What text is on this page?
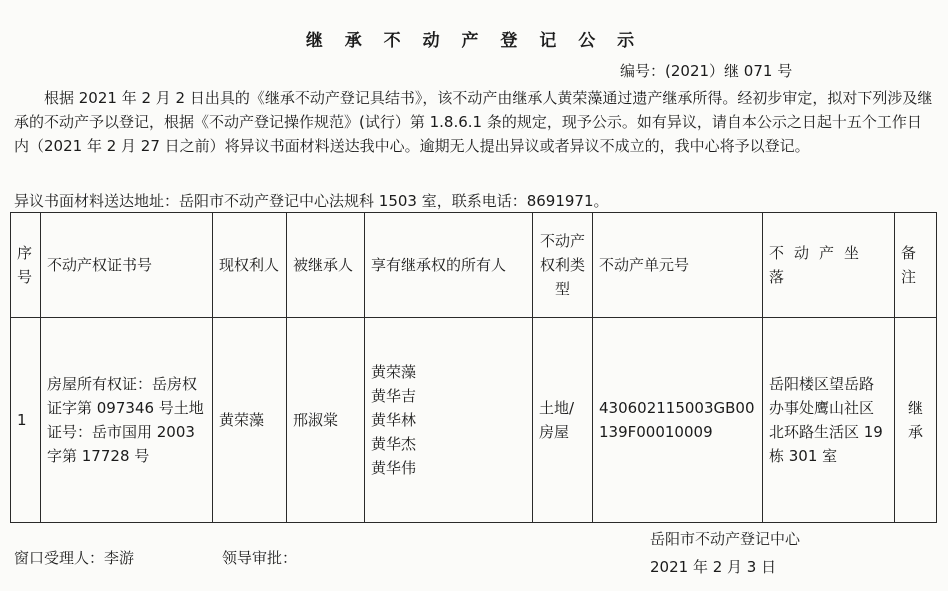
继 承 不 动 产 登 记 公 示
编号：(2021）继 071 号

根据 2021 年 2 月 2 日出具的《继承不动产登记具结书》，该不动产由继承人黄荣藻通过遗产继承所得。经初步审定，拟对下列涉及继承的不动产予以登记，根据《不动产登记操作规范》(试行）第 1.8.6.1 条的规定，现予公示。如有异议，请自本公示之日起十五个工作日内（2021 年 2 月 27 日之前）将异议书面材料送达我中心。逾期无人提出异议或者异议不成立的，我中心将予以登记。

异议书面材料送达地址：岳阳市不动产登记中心法规科 1503 室，联系电话：8691971。
序号	不动产权证书号	现权利人	被继承人	享有继承权的所有人	不动产权利类型	不动产单元号	不动产坐落	备注
1	房屋所有权证：岳房权证字第 097346 号土地证号：岳市国用 2003 字第 17728 号	黄荣藻	邢淑棠	黄荣藻
黄华吉
黄华林
黄华杰
黄华伟	土地/房屋	430602115003GB00139F00010009	岳阳楼区望岳路办事处鹰山社区北环路生活区 19 栋 301 室	继承
窗口受理人：李游	领导审批：
岳阳市不动产登记中心
2021 年 2 月 3 日
